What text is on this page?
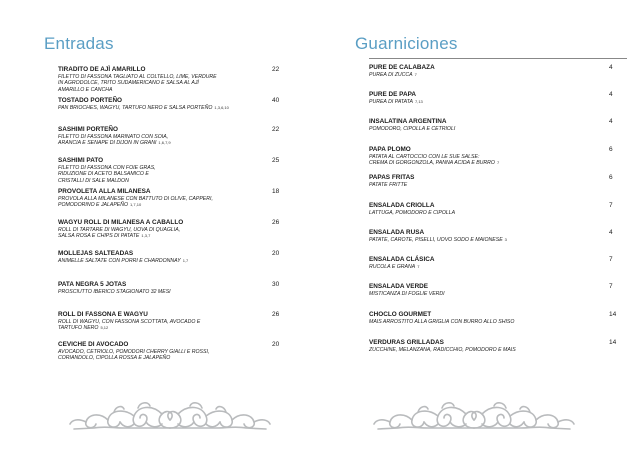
Entradas
TIRADITO DE AJÌ AMARILLO	22
FILETTO DI FASSONA TAGLIATO AL COLTELLO, LIME, VERDURE
IN AGRODOLCE, TRITO SUDAMERICANO E SALSA AL AJÌ
AMARILLO E CANCHA
TOSTADO PORTEÑO	40
PAN BRIOCHES, WAGYU, TARTUFO NERO E SALSA PORTEÑO 1,3,6,10
SASHIMI PORTEÑO	22
FILETTO DI FASSONA MARINATO CON SOIA,
ARANCIA E SENAPE DI DIJON IN GRANI 1,6,7,9
SASHIMI PATO	25
FILETTO DI FASSONA CON FOIE GRAS,
RIDUZIONE DI ACETO BALSAMICO E
CRISTALLI DI SALE MALDON
PROVOLETA ALLA MILANESA	18
PROVOLA ALLA MILANESE CON BATTUTO DI OLIVE, CAPPERI,
POMODORINO E JALAPEÑO 1,7,10
WAGYU ROLL DI MILANESA A CABALLO	26
ROLL DI TARTARE DI WAGYU, UOVA DI QUAGLIA,
SALSA ROSA E CHIPS DI PATATE 1,3,7
MOLLEJAS SALTEADAS	20
ANIMELLE SALTATE CON PORRI E CHARDONNAY 1,7
PATA NEGRA 5 JOTAS	30
PROSCIUTTO IBERICO STAGIONATO 32 MESI
ROLL DI FASSONA E WAGYU	26
ROLL DI WAGYU, CON FASSONA SCOTTATA, AVOCADO E
TARTUFO NERO 5,12
CEVICHE DI AVOCADO	20
AVOCADO, CETRIOLO, POMODORI CHERRY GIALLI E ROSSI,
CORIANDOLO, CIPOLLA ROSSA E JALAPEÑO
Guarniciones
PURE DE CALABAZA	4
PUREA DI ZUCCA 7
PURE DE PAPA	4
PUREA DI PATATA 7,13
INSALATINA ARGENTINA	4
POMODORO, CIPOLLA E CETRIOLI
PAPA PLOMO	6
PATATA AL CARTOCCIO CON LE SUE SALSE:
CREMA DI GORGONZOLA, PANNA ACIDA E BURRO 7
PAPAS FRITAS	6
PATATE FRITTE
ENSALADA CRIOLLA	7
LATTUGA, POMODORO E CIPOLLA
ENSALADA RUSA	4
PATATE, CAROTE, PISELLI, UOVO SODO E MAIONESE 3
ENSALADA CLÁSICA	7
RUCOLA E GRANA 7
ENSALADA VERDE	7
MISTICANZA DI FOGLIE VERDI
CHOCLO GOURMET	14
MAIS ARROSTITO ALLA GRIGLIA CON BURRO ALLO SHISO
VERDURAS GRILLADAS	14
ZUCCHINE, MELANZANA, RADICCHIO, POMODORO E MAIS
